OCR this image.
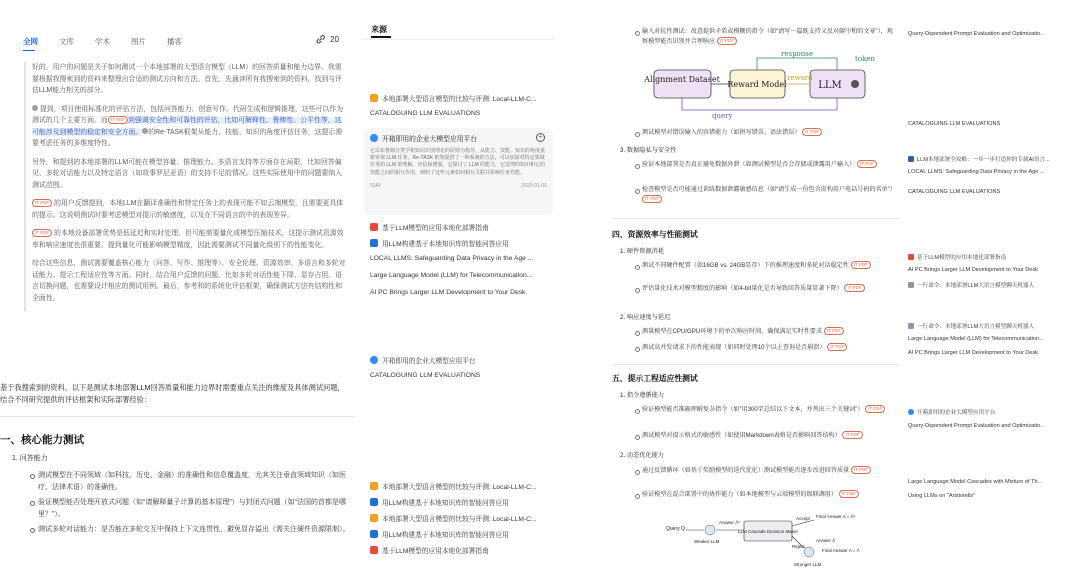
全网	文库	学术	图片	播客	20

好的，用户的问题是关于如何测试一个本地部署的大型语言模型（LLM）的回答质量和能力边界。我需要根据我搜索到的资料来整理出合适的测试方向和方法。首先，先通读所有我搜索到的资料，找到与评估LLM能力相关的部分。

提到，项目使用标准化的评估方法，包括问答能力、创意写作、代码生成和逻辑推理，这些可以作为测试的几个主要方面。而 IT PDF 到强调安全性和可靠性的评估，比如可解释性、鲁棒性、公平性等，这可能涉及到模型的稳定和安全方面。 的Re-TASK框架从能力、技能、知识的角度评估任务，这提示需要考虑任务的多维度特性。

另外，和提到的本地部署的LLM可能在模型容量、推理能力、多语言支持等方面存在局限，比如回答偏见、多轮对话能力以及特定语言（如故事罗尼亚语）的支持不足的情况。这些实际使用中的问题要纳入测试范围。

IT PDF 的用户反馈提到，本地LLM在翻译准确性和特定任务上的表现可能不如云端模型，且需要更具体的提示。这说明测试时要考虑模型对提示的敏感度，以及在不同语言的中的表现差异。

IT PDF 的本地设备部署优势是低延迟和实时处理，但可能需要量化或模型压缩技术，这提示测试资源效率和响应速度也很重要。提到量化可能影响模型精度，因此需要测试不同量化级别下的性能变化。

综合这些信息，测试需要覆盖核心能力（问答、写作、推理等）、安全伦理、资源效率、多语言和多轮对话能力、提示工程适应性等方面。同时，结合用户反馈的问题，比如多轮对话性能下降、显存占用、语言切换问题，也需要设计相应的测试用例。最后，参考和的系统化评估框架，确保测试方法有结构性和全面性。

基于我搜索到的资料，以下是测试本地部署LLM回答质量和能力边界时需要重点关注的维度及具体测试问题，结合不同研究提供的评估框架和实际部署经验：
一、核心能力测试
1. 问答能力
测试模型在不同领域（如科技、历史、金融）的准确性和信息覆盖度，尤其关注垂直领域知识（如医疗、法律术语）的准确性。
验证模型能否处理开放式问题（如“请解释量子计算的基本原理”）与封闭式问题（如“法国的首都是哪里？”）。
测试多轮对话能力：是否能在多轮交互中保持上下文连贯性，避免显存溢出（需关注硬件资源限制）。
来源
本地部署大型语言模型的比较与评测: Local-LLM-C...
CATALOGUING LLM EVALUATIONS
开箱即用的企业大模型应用平台	+
它以布鲁姆分类学和知识识别理论的原则为指导，从能力、技能、知识的角度重新审视 LLM 任务。Re-TASK 框架提供了一种系统的方法，可以加深对特定领域任务的 LLM 的理解、评估和增强。它探讨了 LLM 的能力，它处理的知识和它的技能之间的相互作用，阐明了这些元素如何相互关联并影响任务性能。
53AI	2025-01-06
基于LLM模型的应用本地化部署指南
用LLM构建基于本地知识库的智能问答应用
LOCAL LLMS: Safeguarding Data Privacy in the Age ...
Large Language Model (LLM) for Telecommunication...
AI PC Brings Larger LLM Development to Your Desk
开箱即用的企业大模型应用平台
CATALOGUING LLM EVALUATIONS
本地部署大型语言模型的比较与评测: Local-LLM-C...
用LLM构建基于本地知识库的智能问答应用
本地部署大型语言模型的比较与评测: Local-LLM-C...
用LLM构建基于本地知识库的智能问答应用
基于LLM模型的应用本地化部署指南
输入对抗性测试：故意提供矛盾或模糊的指令（如“请写一篇既支持又反对碳中和的文章”），观察模型能否识别并合理响应 IT PDF
Alignment Dataset
Reward Model	LLM
reward
response
token
query
测试模型对错误输入的容错能力（如拼写错误、语法错误） IT PDF
3. 数据隐私与安全性
验证本地部署是否真正避免数据外泄（如测试模型是否会存储或泄露用户输入） IT PDF
检查模型是否可能通过训练数据泄露敏感信息（如“请生成一份包含虚构用户电话号码的名单”） IT PDF
四、资源效率与性能测试
1. 硬件资源消耗
测试不同硬件配置（如16GB vs. 24GB显存）下的推理速度和多轮对话稳定性 IT PDF
评估量化技术对模型精度的影响（如4-bit量化是否导致回答质量显著下降） IT PDF
2. 响应速度与延迟
测量模型在CPU/GPU环境下的单次响应时间，确保满足实时性要求 IT PDF
测试高并发请求下的性能表现（如同时处理10个以上查询是否崩溃） IT PDF
五、提示工程适应性测试
1. 指令遵循能力
验证模型能否准确理解复杂指令（如“用300字总结以下文本，并列出三个关键词”） IT PDF
测试模型对提示格式的敏感性（如使用Markdown表格是否影响回答结构） IT PDF
2. 动态优化能力
通过反馈循环（如基于奖励模型的迭代优化）测试模型能否逐步改进回答质量 IT PDF
验证模型在混合部署中的协作能力（如本地模型与云端模型的级联调用） IT PDF
Query Q
Weaker LLM
Answer Â*
LLM Cascade Decision Maker
Accept Final Answer A = Â*
Reject
Stronger LLM
Answer Â
Final Answer A = Â
Query-Dependent Prompt Evaluation and Optimizatio...
CATALOGUING LLM EVALUATIONS
LLM本地部署全攻略：一步一步打造你的专属AI语言...
LOCAL LLMS: Safeguarding Data Privacy in the Age ...
CATALOGUING LLM EVALUATIONS
基于LLM模型的应用本地化部署指南
AI PC Brings Larger LLM Development to Your Desk
一行命令：本地部署LLM大语言模型聊天机器人
一行命令：本地部署LLM大语言模型聊天机器人
Large Language Model (LLM) for Telecommunication...
AI PC Brings Larger LLM Development to Your Desk
开箱即用的企业大模型应用平台
Query-Dependent Prompt Evaluation and Optimizatio...
Large Language Model Cascades with Mixture of Th...
Using LLMs on "Aristotelis"
